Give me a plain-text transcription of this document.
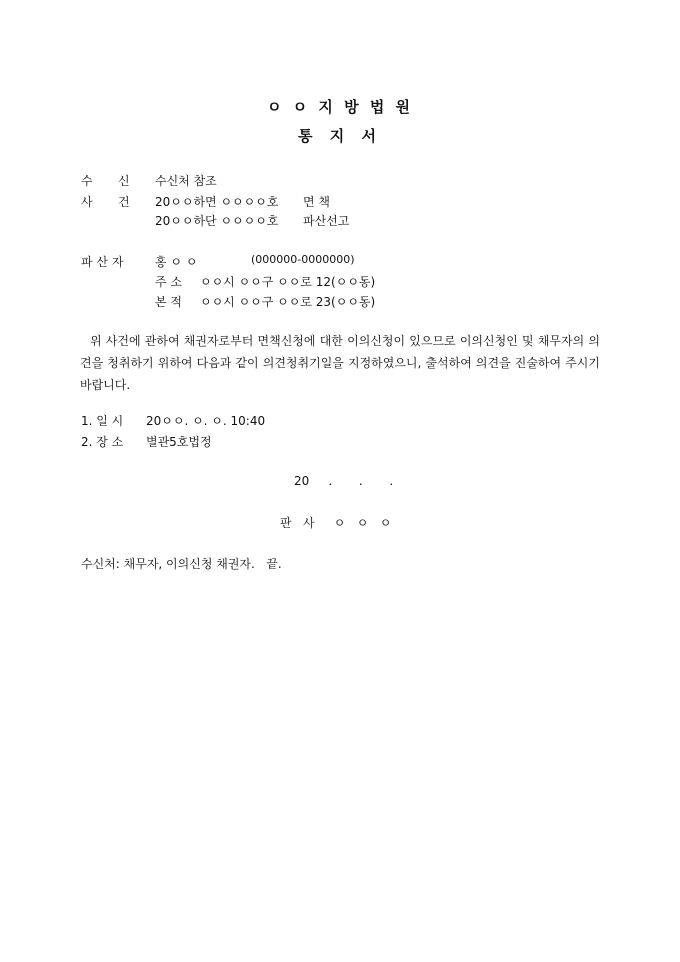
ㅇ ㅇ 지 방 법 원
통 지 서
수 신 수신처 참조
사 건 20ㅇㅇ하면 ㅇㅇㅇㅇ호 면 책
20ㅇㅇ하단 ㅇㅇㅇㅇ호 파산선고
파 산 자	홍 ㅇ ㅇ	(000000-0000000)
주 소 ㅇㅇ시 ㅇㅇ구 ㅇㅇ로 12(ㅇㅇ동)
본 적 ㅇㅇ시 ㅇㅇ구 ㅇㅇ로 23(ㅇㅇ동)
위 사건에 관하여 채권자로부터 면책신청에 대한 이의신청이 있으므로 이의신청인 및 채무자의 의견을 청취하기 위하여 다음과 같이 의견청취기일을 지정하였으니, 출석하여 의견을 진술하여 주시기 바랍니다.
1. 일 시 20ㅇㅇ. ㅇ. ㅇ. 10:40
2. 장 소 별관5호법정
20     .       .       .
판   사     ㅇ   ㅇ   ㅇ
수신처: 채무자, 이의신청 채권자.   끝.
